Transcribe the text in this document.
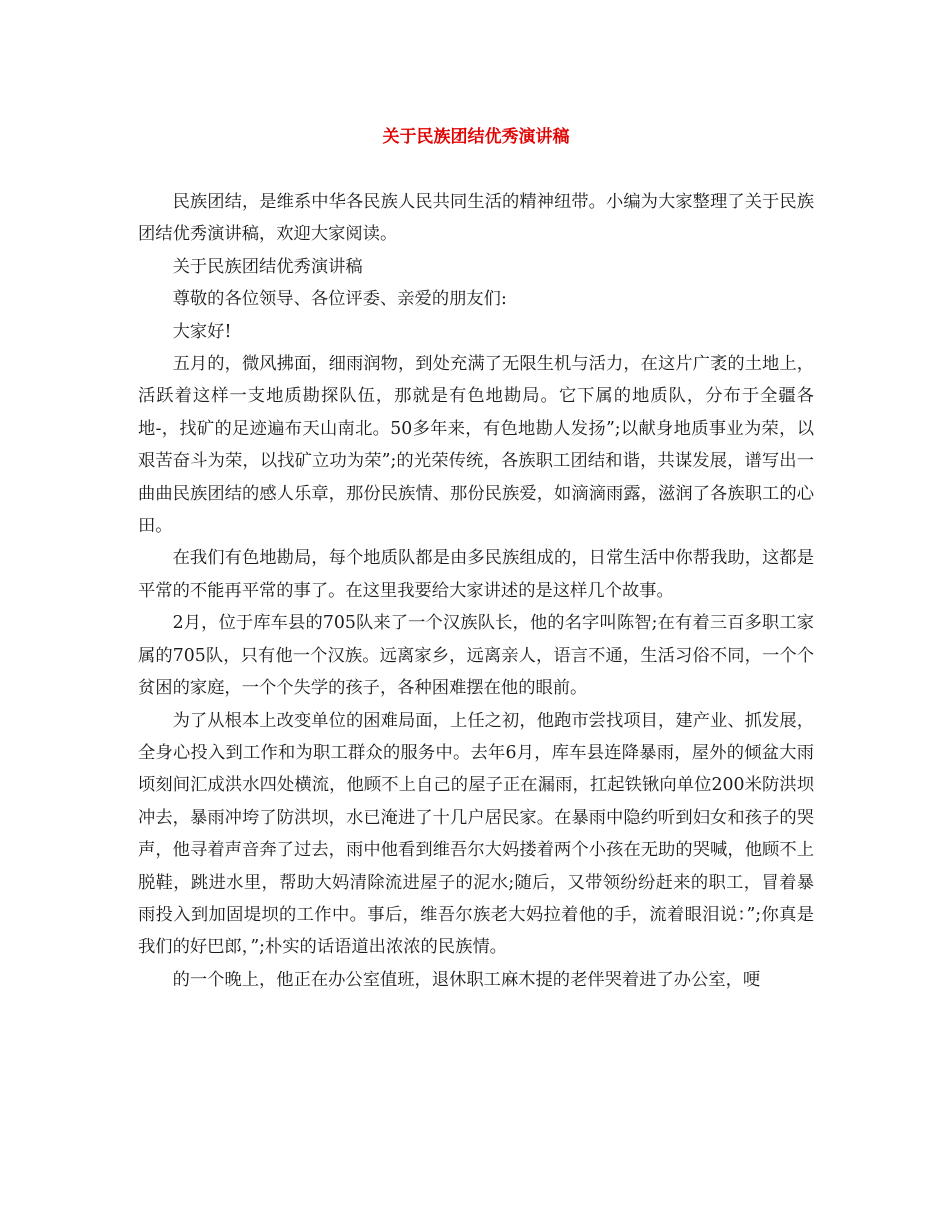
关于民族团结优秀演讲稿

民族团结，是维系中华各民族人民共同生活的精神纽带。小编为大家整理了关于民族团结优秀演讲稿，欢迎大家阅读。

关于民族团结优秀演讲稿

尊敬的各位领导、各位评委、亲爱的朋友们:

大家好!

五月的，微风拂面，细雨润物，到处充满了无限生机与活力，在这片广袤的土地上，活跃着这样一支地质勘探队伍，那就是有色地勘局。它下属的地质队，分布于全疆各地-，找矿的足迹遍布天山南北。50多年来，有色地勘人发扬”;以献身地质事业为荣，以艰苦奋斗为荣，以找矿立功为荣”;的光荣传统，各族职工团结和谐，共谋发展，谱写出一曲曲民族团结的感人乐章，那份民族情、那份民族爱，如滴滴雨露，滋润了各族职工的心田。

在我们有色地勘局，每个地质队都是由多民族组成的，日常生活中你帮我助，这都是平常的不能再平常的事了。在这里我要给大家讲述的是这样几个故事。

2月，位于库车县的705队来了一个汉族队长，他的名字叫陈智;在有着三百多职工家属的705队，只有他一个汉族。远离家乡，远离亲人，语言不通，生活习俗不同，一个个贫困的家庭，一个个失学的孩子，各种困难摆在他的眼前。

为了从根本上改变单位的困难局面，上任之初，他跑市尝找项目，建产业、抓发展，全身心投入到工作和为职工群众的服务中。去年6月，库车县连降暴雨，屋外的倾盆大雨顷刻间汇成洪水四处横流，他顾不上自己的屋子正在漏雨，扛起铁锹向单位200米防洪坝冲去，暴雨冲垮了防洪坝，水已淹进了十几户居民家。在暴雨中隐约听到妇女和孩子的哭声，他寻着声音奔了过去，雨中他看到维吾尔大妈搂着两个小孩在无助的哭喊，他顾不上脱鞋，跳进水里，帮助大妈清除流进屋子的泥水;随后，又带领纷纷赶来的职工，冒着暴雨投入到加固堤坝的工作中。事后，维吾尔族老大妈拉着他的手，流着眼泪说：”;你真是我们的好巴郎，”;朴实的话语道出浓浓的民族情。

的一个晚上，他正在办公室值班，退休职工麻木提的老伴哭着进了办公室，哽
